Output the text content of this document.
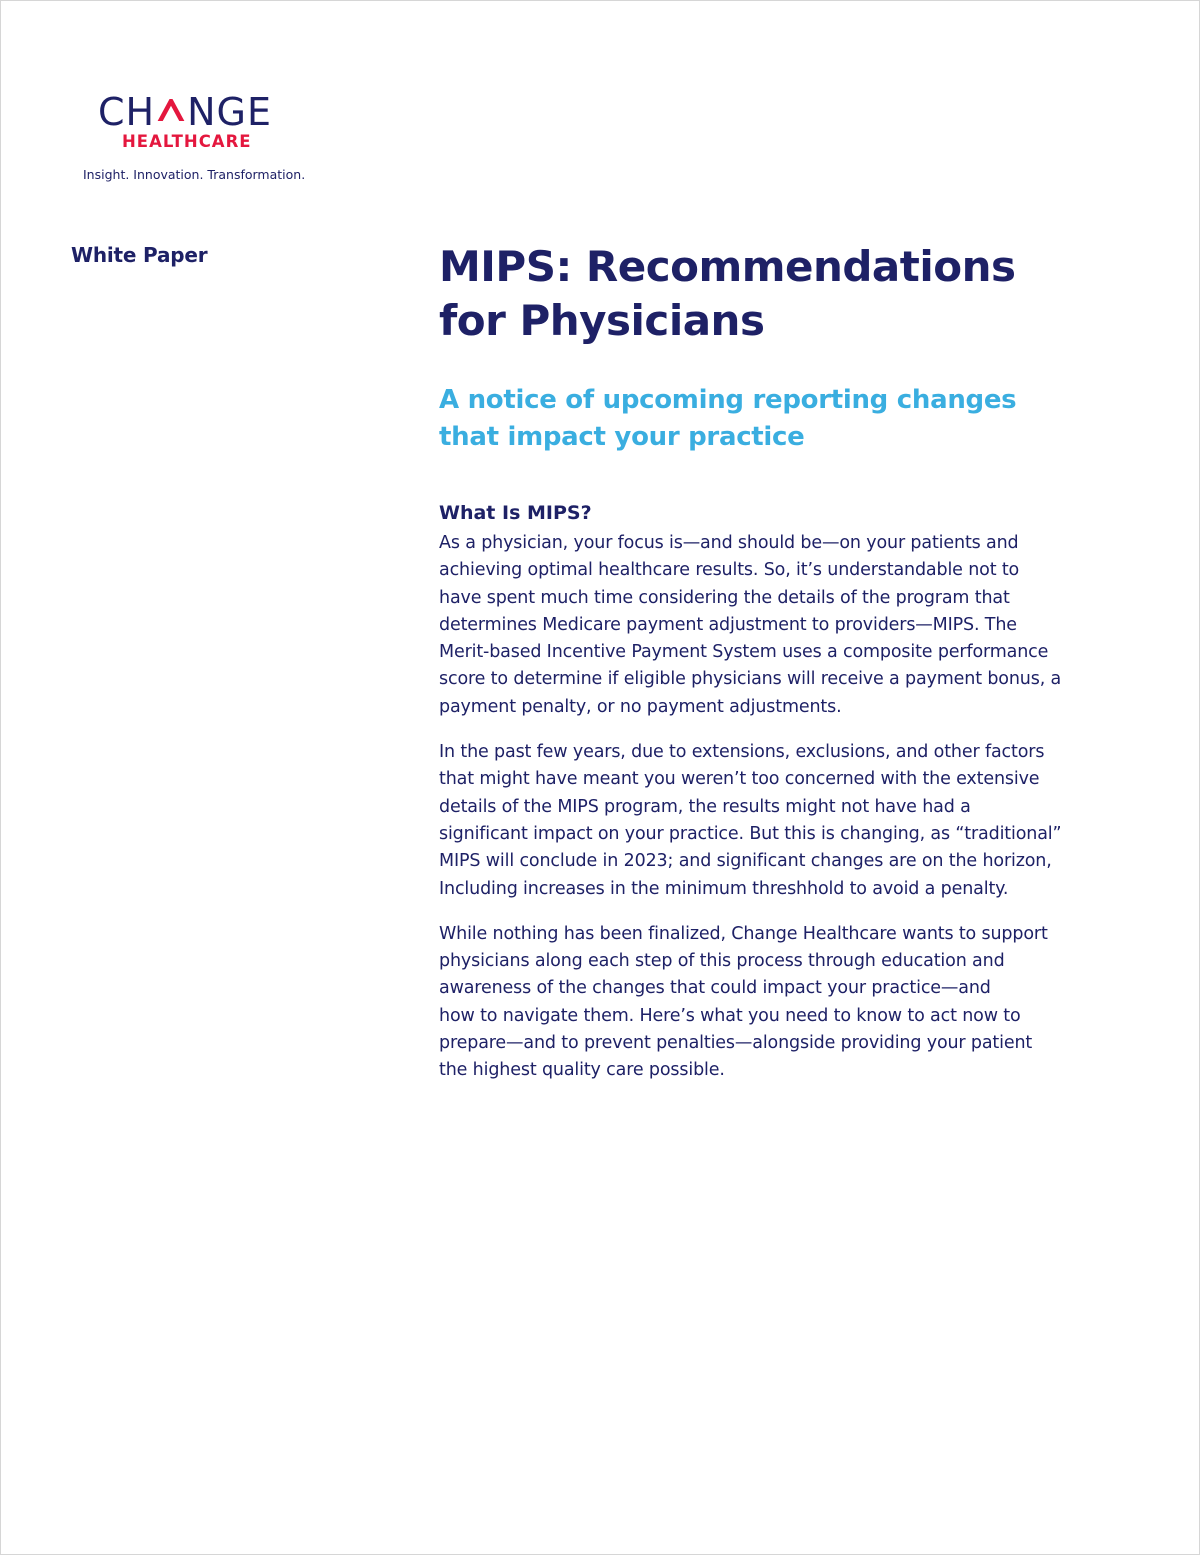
CH NGE
HEALTHCARE
Insight. Innovation. Transformation.
White Paper	MIPS: Recommendations
for Physicians
A notice of upcoming reporting changes
that impact your practice
What Is MIPS?

As a physician, your focus is—and should be—on your patients and
achieving optimal healthcare results. So, it’s understandable not to
have spent much time considering the details of the program that
determines Medicare payment adjustment to providers—MIPS. The
Merit-based Incentive Payment System uses a composite performance
score to determine if eligible physicians will receive a payment bonus, a
payment penalty, or no payment adjustments.

In the past few years, due to extensions, exclusions, and other factors
that might have meant you weren’t too concerned with the extensive
details of the MIPS program, the results might not have had a
significant impact on your practice. But this is changing, as “traditional”
MIPS will conclude in 2023; and significant changes are on the horizon,
Including increases in the minimum threshhold to avoid a penalty.

While nothing has been finalized, Change Healthcare wants to support
physicians along each step of this process through education and
awareness of the changes that could impact your practice—and
how to navigate them. Here’s what you need to know to act now to
prepare—and to prevent penalties—alongside providing your patient
the highest quality care possible.
